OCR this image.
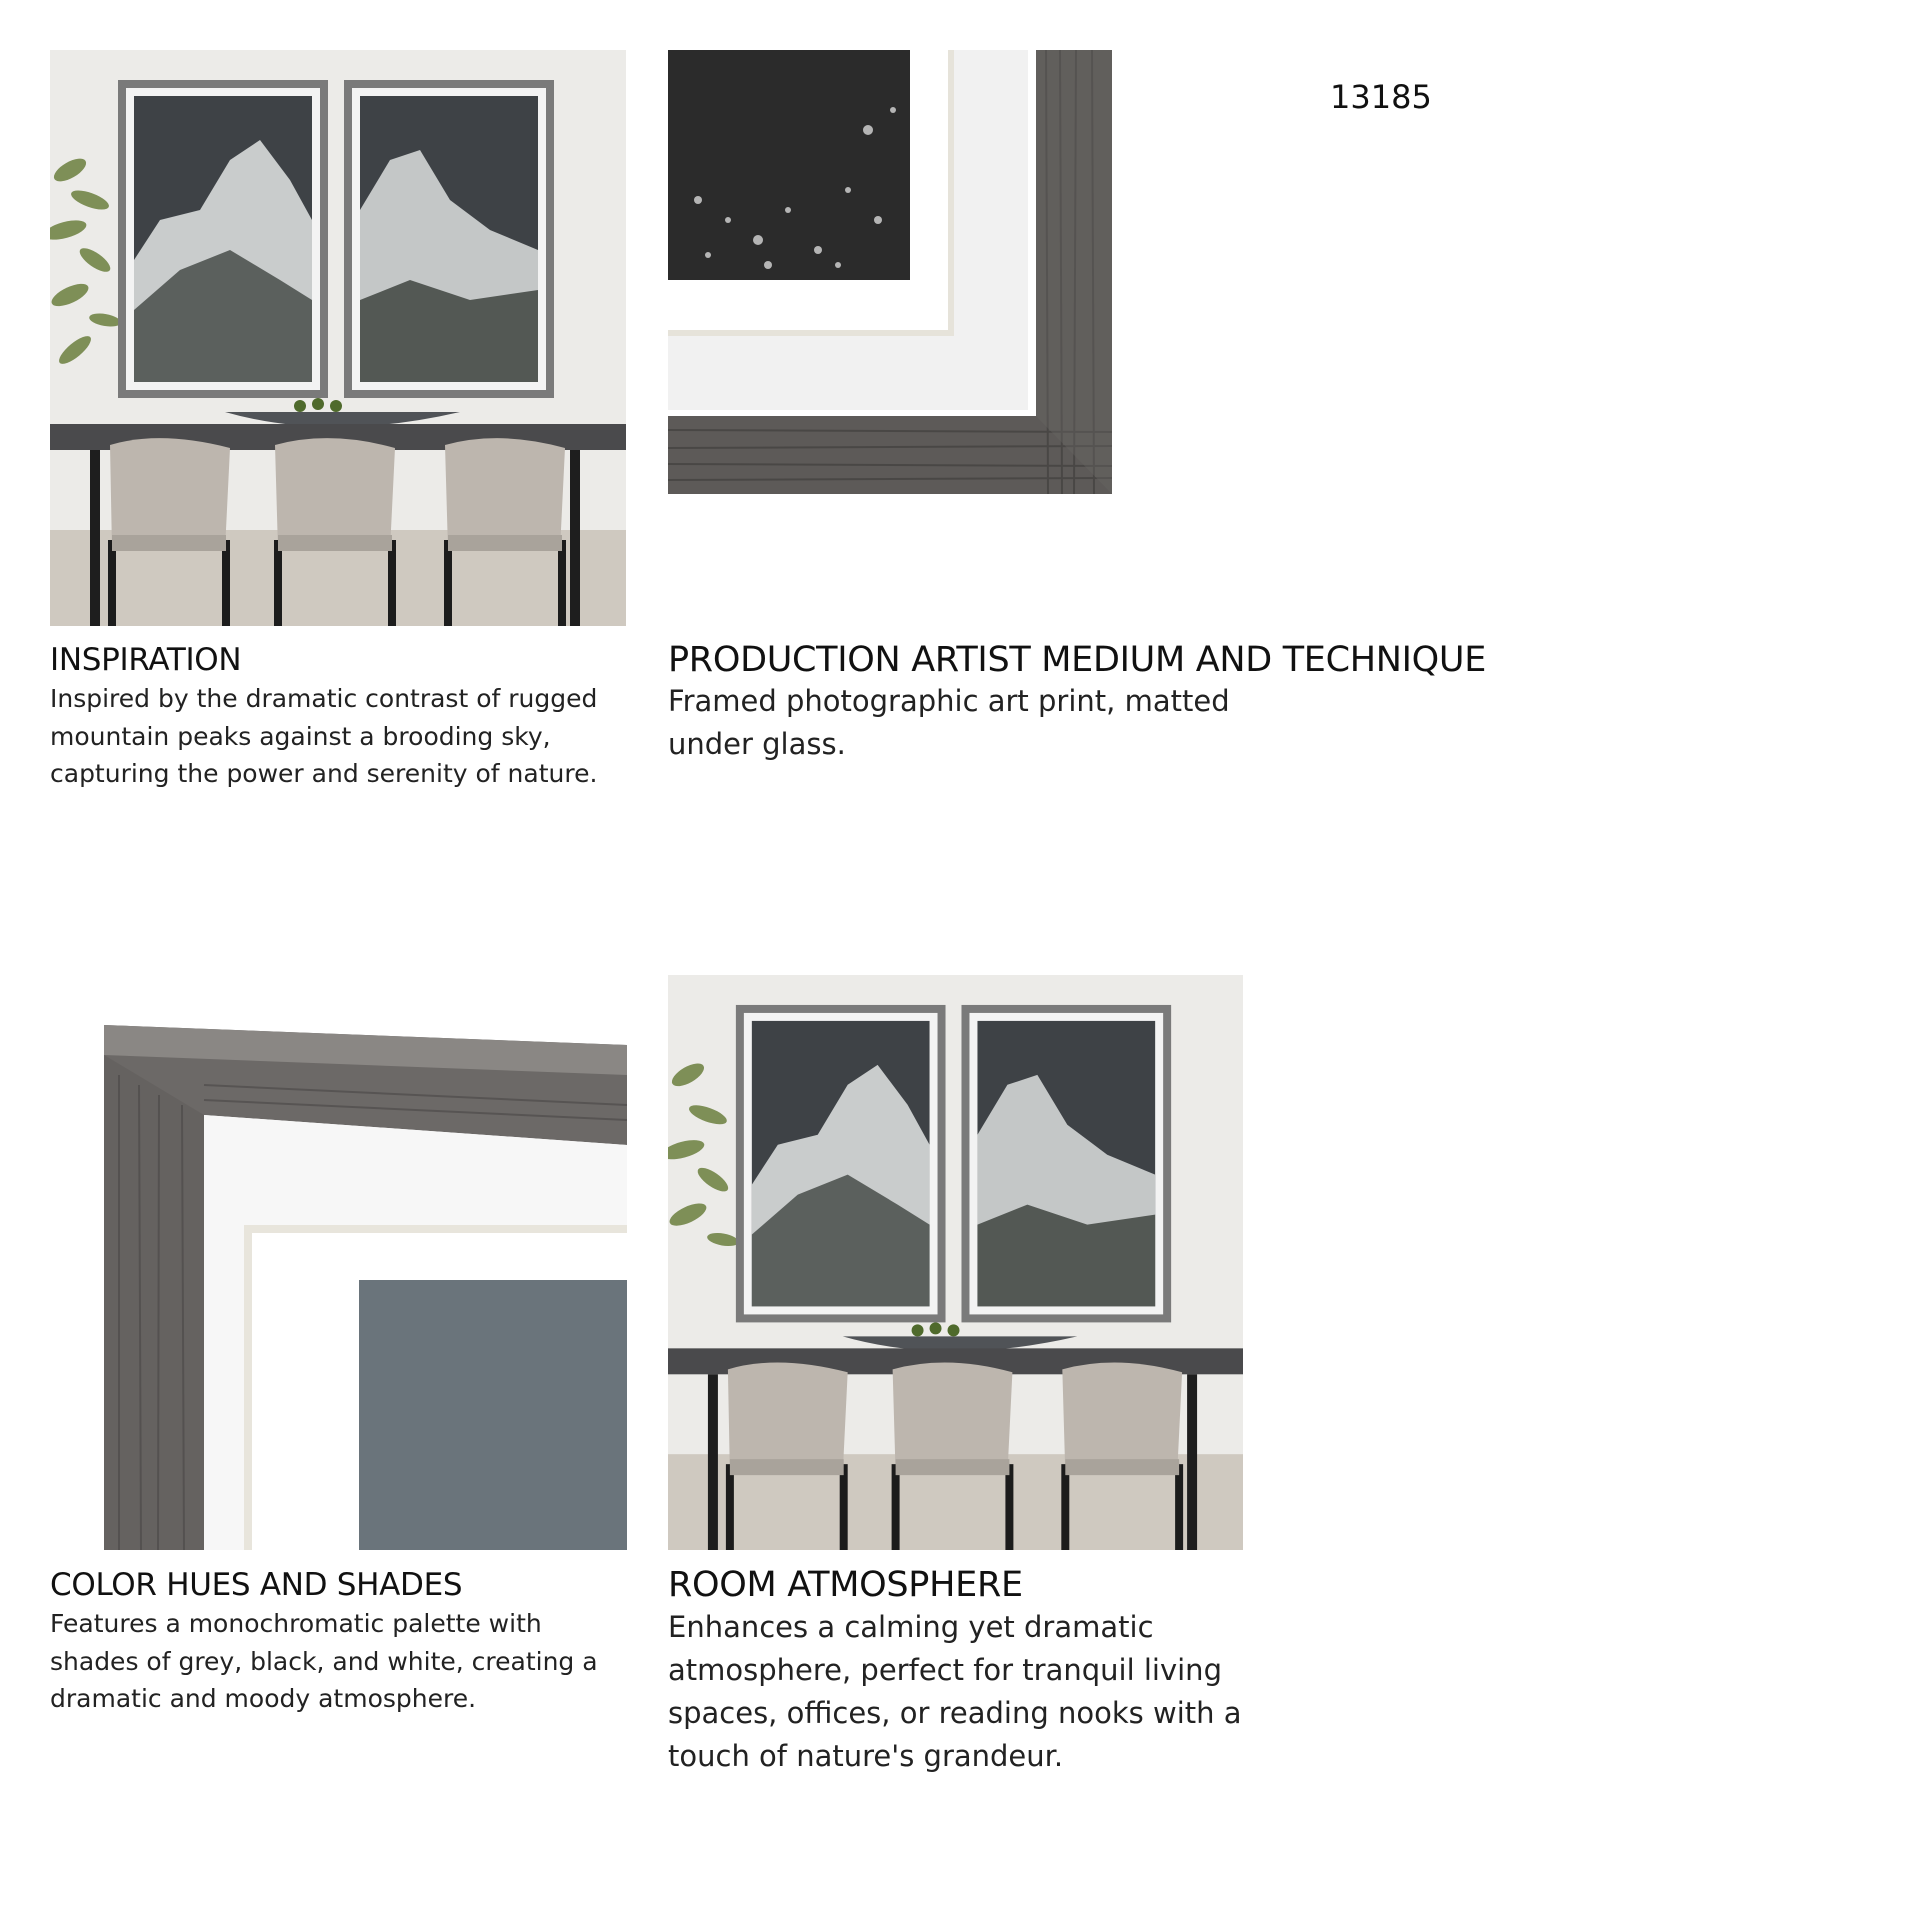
13185
INSPIRATION

Inspired by the dramatic contrast of rugged mountain peaks against a brooding sky, capturing the power and serenity of nature.

PRODUCTION ARTIST MEDIUM AND TECHNIQUE

Framed photographic art print, matted under glass.

COLOR HUES AND SHADES

Features a monochromatic palette with shades of grey, black, and white, creating a dramatic and moody atmosphere.

ROOM ATMOSPHERE

Enhances a calming yet dramatic atmosphere, perfect for tranquil living spaces, offices, or reading nooks with a touch of nature's grandeur.
